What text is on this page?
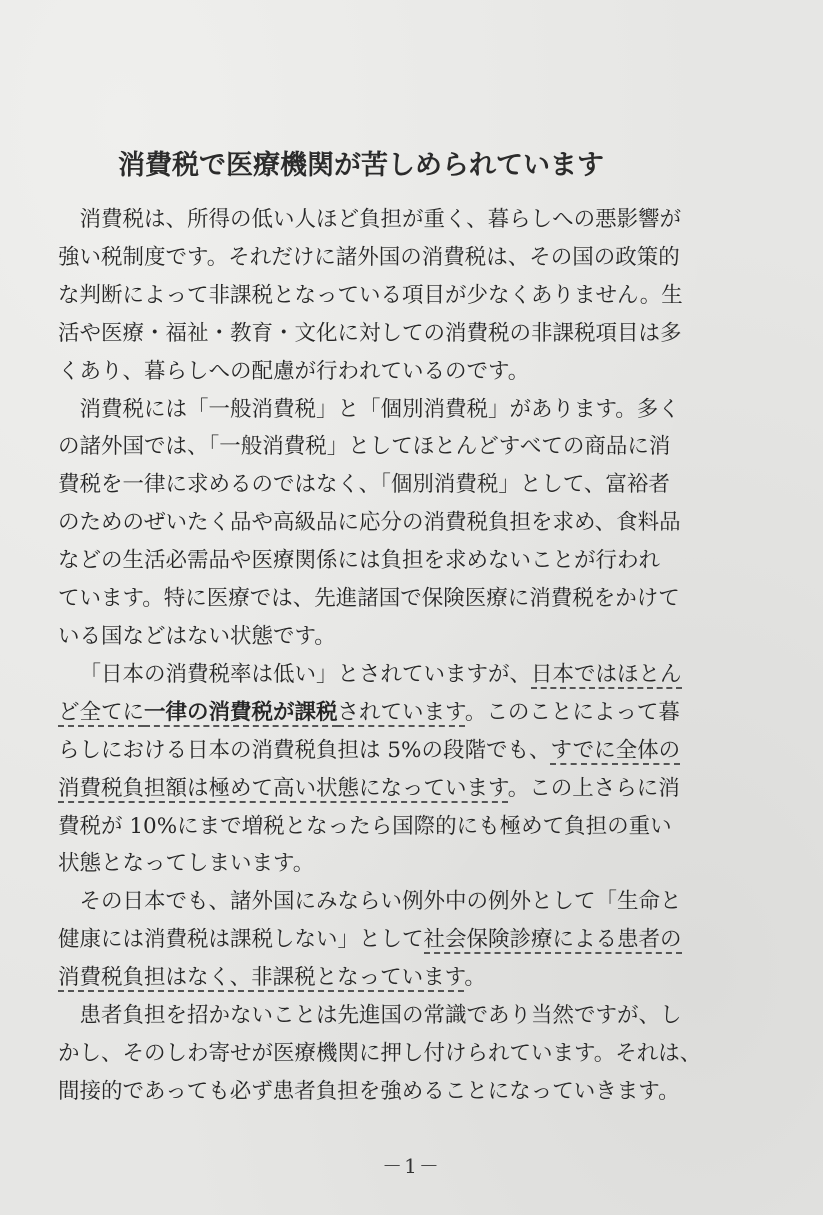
消費税で医療機関が苦しめられています

消費税は、所得の低い人ほど負担が重く、暮らしへの悪影響が
強い税制度です。それだけに諸外国の消費税は、その国の政策的
な判断によって非課税となっている項目が少なくありません。生
活や医療・福祉・教育・文化に対しての消費税の非課税項目は多
くあり、暮らしへの配慮が行われているのです。

消費税には「一般消費税」と「個別消費税」があります。多く
の諸外国では、「一般消費税」としてほとんどすべての商品に消
費税を一律に求めるのではなく、「個別消費税」として、富裕者
のためのぜいたく品や高級品に応分の消費税負担を求め、食料品
などの生活必需品や医療関係には負担を求めないことが行われ
ています。特に医療では、先進諸国で保険医療に消費税をかけて
いる国などはない状態です。

「日本の消費税率は低い」とされていますが、日本ではほとん
ど全てに一律の消費税が課税されています。このことによって暮
らしにおける日本の消費税負担は 5%の段階でも、すでに全体の
消費税負担額は極めて高い状態になっています。この上さらに消
費税が 10%にまで増税となったら国際的にも極めて負担の重い
状態となってしまいます。

その日本でも、諸外国にみならい例外中の例外として「生命と
健康には消費税は課税しない」として社会保険診療による患者の
消費税負担はなく、非課税となっています。

患者負担を招かないことは先進国の常識であり当然ですが、し
かし、そのしわ寄せが医療機関に押し付けられています。それは、
間接的であっても必ず患者負担を強めることになっていきます。

－1－
